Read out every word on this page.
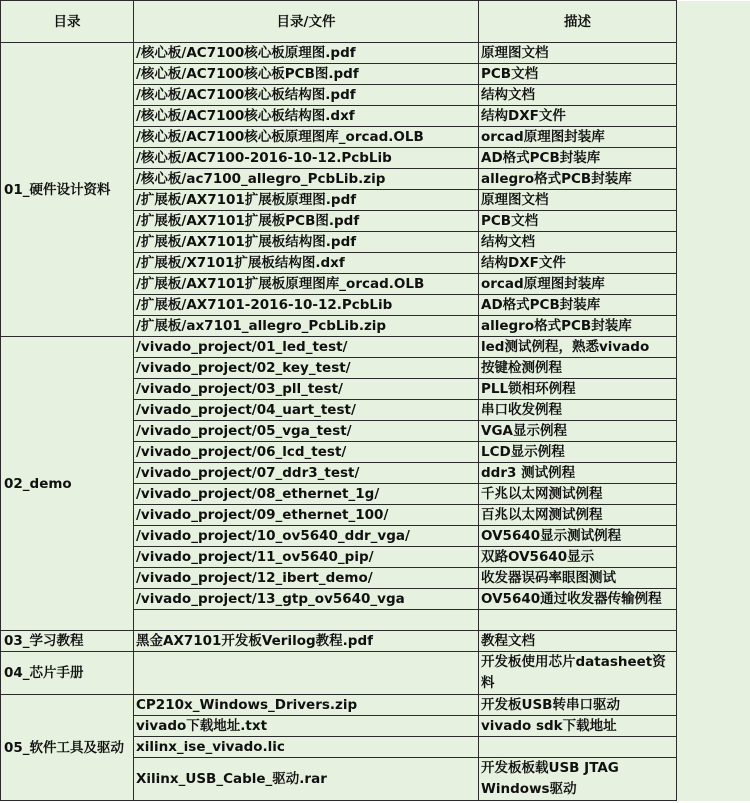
目录	目录/文件	描述	
01_硬件设计资料	/核心板/AC7100核心板原理图.pdf	原理图文档	
	/核心板/AC7100核心板PCB图.pdf	PCB文档	
	/核心板/AC7100核心板结构图.pdf	结构文档	
	/核心板/AC7100核心板结构图.dxf	结构DXF文件	
	/核心板/AC7100核心板原理图库_orcad.OLB	orcad原理图封装库	
	/核心板/AC7100-2016-10-12.PcbLib	AD格式PCB封装库	
	/核心板/ac7100_allegro_PcbLib.zip	allegro格式PCB封装库	
	/扩展板/AX7101扩展板原理图.pdf	原理图文档	
	/扩展板/AX7101扩展板PCB图.pdf	PCB文档	
	/扩展板/AX7101扩展板结构图.pdf	结构文档	
	/扩展板/X7101扩展板结构图.dxf	结构DXF文件	
	/扩展板/AX7101扩展板原理图库_orcad.OLB	orcad原理图封装库	
	/扩展板/AX7101-2016-10-12.PcbLib	AD格式PCB封装库	
	/扩展板/ax7101_allegro_PcbLib.zip	allegro格式PCB封装库	
02_demo	/vivado_project/01_led_test/	led测试例程，熟悉vivado	
	/vivado_project/02_key_test/	按键检测例程	
	/vivado_project/03_pll_test/	PLL锁相环例程	
	/vivado_project/04_uart_test/	串口收发例程	
	/vivado_project/05_vga_test/	VGA显示例程	
	/vivado_project/06_lcd_test/	LCD显示例程	
	/vivado_project/07_ddr3_test/	ddr3 测试例程	
	/vivado_project/08_ethernet_1g/	千兆以太网测试例程	
	/vivado_project/09_ethernet_100/	百兆以太网测试例程	
	/vivado_project/10_ov5640_ddr_vga/	OV5640显示测试例程	
	/vivado_project/11_ov5640_pip/	双路OV5640显示	
	/vivado_project/12_ibert_demo/	收发器误码率眼图测试	
	/vivado_project/13_gtp_ov5640_vga	OV5640通过收发器传输例程	

03_学习教程	黑金AX7101开发板Verilog教程.pdf	教程文档	
04_芯片手册		开发板使用芯片datasheet资料	
05_软件工具及驱动	CP210x_Windows_Drivers.zip	开发板USB转串口驱动	
	vivado下载地址.txt	vivado sdk下载地址	
	xilinx_ise_vivado.lic		
	Xilinx_USB_Cable_驱动.rar	开发板板载USB JTAG Windows驱动	
